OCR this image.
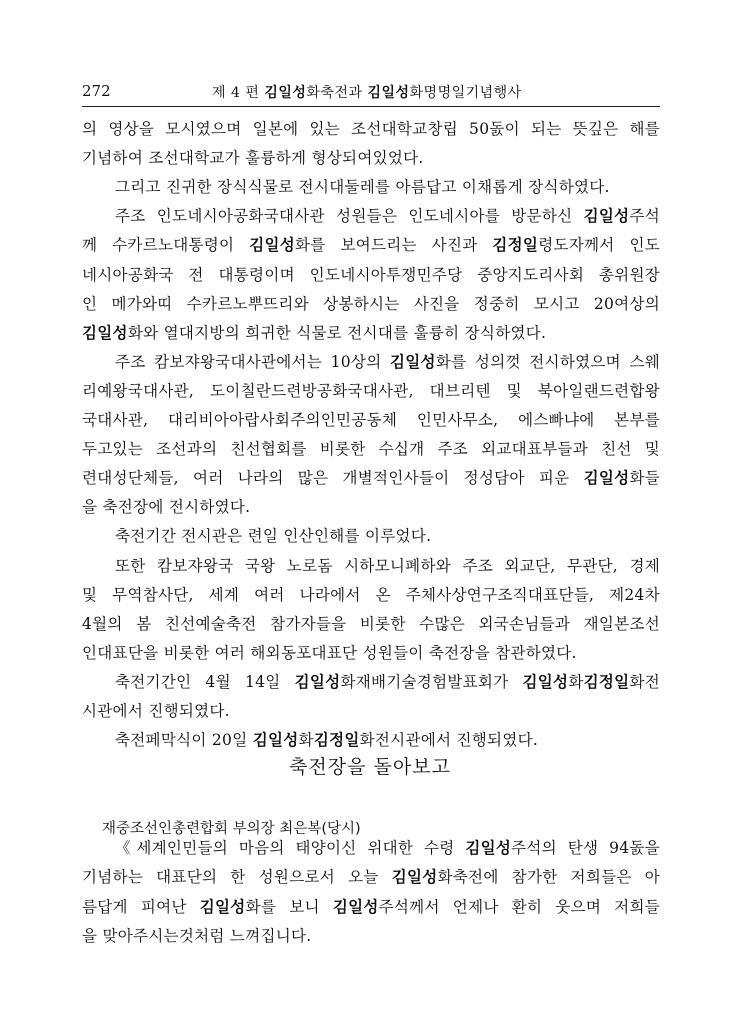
272	제 4 편 김일성화축전과 김일성화명명일기념행사
의 영상을 모시였으며 일본에 있는 조선대학교창립 50돐이 되는 뜻깊은 해를
기념하여 조선대학교가 훌륭하게 형상되여있었다.
그리고 진귀한 장식식물로 전시대둘레를 아름답고 이채롭게 장식하였다.
주조 인도네시아공화국대사관 성원들은 인도네시아를 방문하신 김일성주석
께 수카르노대통령이 김일성화를 보여드리는 사진과 김정일령도자께서 인도
네시아공화국 전 대통령이며 인도네시아투쟁민주당 중앙지도리사회 총위원장
인 메가와띠 수카르노뿌뜨리와 상봉하시는 사진을 정중히 모시고 20여상의
김일성화와 열대지방의 희귀한 식물로 전시대를 훌륭히 장식하였다.
주조 캄보쟈왕국대사관에서는 10상의 김일성화를 성의껏 전시하였으며 스웨
리예왕국대사관, 도이칠란드련방공화국대사관, 대브리텐 및 북아일랜드련합왕
국대사관, 대리비아아랍사회주의인민공동체 인민사무소, 에스빠냐에 본부를
두고있는 조선과의 친선협회를 비롯한 수십개 주조 외교대표부들과 친선 및
련대성단체들, 여러 나라의 많은 개별적인사들이 정성담아 피운 김일성화들
을 축전장에 전시하였다.
축전기간 전시관은 련일 인산인해를 이루었다.
또한 캄보쟈왕국 국왕 노로돔 시하모니폐하와 주조 외교단, 무관단, 경제
및 무역참사단, 세계 여러 나라에서 온 주체사상연구조직대표단들, 제24차
4월의 봄 친선예술축전 참가자들을 비롯한 수많은 외국손님들과 재일본조선
인대표단을 비롯한 여러 해외동포대표단 성원들이 축전장을 참관하였다.
축전기간인 4월 14일 김일성화재배기술경험발표회가 김일성화김정일화전
시관에서 진행되였다.
축전페막식이 20일 김일성화김정일화전시관에서 진행되였다.
축전장을 돌아보고
재중조선인총련합회 부의장 최은복(당시)
《세계인민들의 마음의 태양이신 위대한 수령 김일성주석의 탄생 94돐을
기념하는 대표단의 한 성원으로서 오늘 김일성화축전에 참가한 저희들은 아
름답게 피여난 김일성화를 보니 김일성주석께서 언제나 환히 웃으며 저희들
을 맞아주시는것처럼 느껴집니다.
